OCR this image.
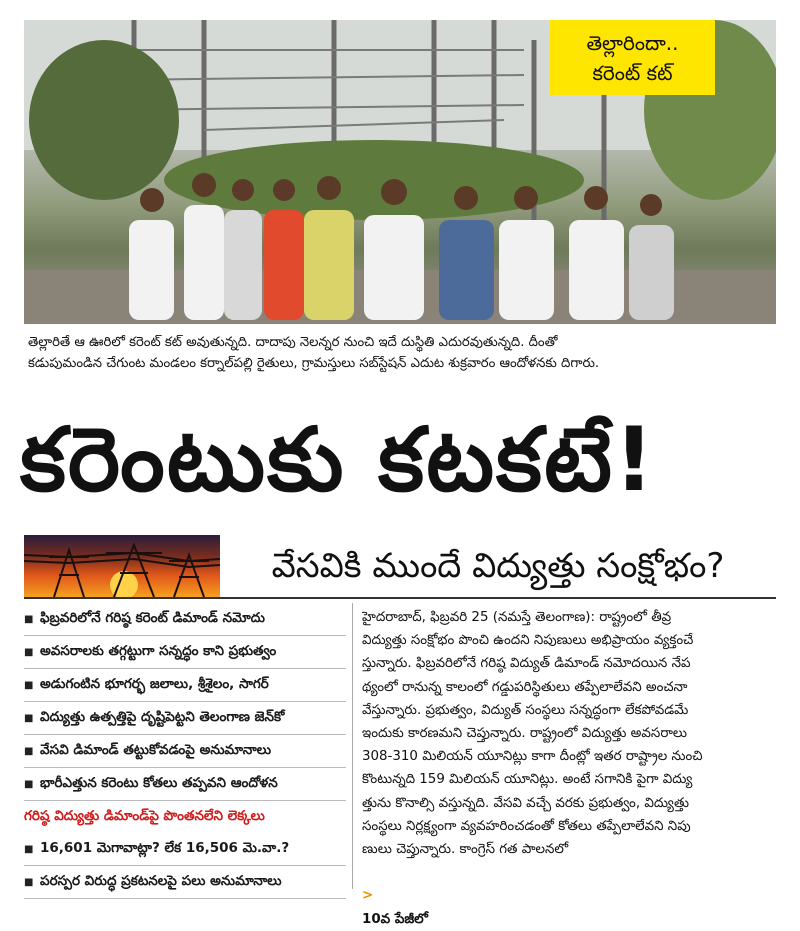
తెల్లారిందా..
కరెంట్ కట్
తెల్లారితే ఆ ఊరిలో కరెంట్ కట్ అవుతున్నది. దాదాపు నెలన్నర నుంచి ఇదే దుస్థితి ఎదురవుతున్నది. దీంతో
కడుపుమండిన చేగుంట మండలం కర్నాల్‌పల్లి రైతులు, గ్రామస్తులు సబ్‌స్టేషన్ ఎదుట శుక్రవారం ఆందోళనకు దిగారు.
కరెంటుకు కటకటే!
వేసవికి ముందే విద్యుత్తు సంక్షోభం?
■ ఫిబ్రవరిలోనే గరిష్ఠ కరెంట్ డిమాండ్ నమోదు
■ అవసరాలకు తగ్గట్టుగా సన్నద్ధం కాని ప్రభుత్వం
■ అడుగంటిన భూగర్భ జలాలు, శ్రీశైలం, సాగర్
■ విద్యుత్తు ఉత్పత్తిపై దృష్టిపెట్టని తెలంగాణ జెన్‌కో
■ వేసవి డిమాండ్ తట్టుకోవడంపై అనుమానాలు
■ భారీఎత్తున కరెంటు కోతలు తప్పవని ఆందోళన
గరిష్ఠ విద్యుత్తు డిమాండ్‌పై పొంతనలేని లెక్కలు
■ 16,601 మెగావాట్లా? లేక 16,506 మె.వా.?
■ పరస్పర విరుద్ధ ప్రకటనలపై పలు అనుమానాలు
హైదరాబాద్, ఫిబ్రవరి 25 (నమస్తే తెలంగాణ): రాష్ట్రంలో తీవ్ర
విద్యుత్తు సంక్షోభం పొంచి ఉందని నిపుణులు అభిప్రాయం వ్యక్తంచే
స్తున్నారు. ఫిబ్రవరిలోనే గరిష్ఠ విద్యుత్ డిమాండ్ నమోదయిన నేప
థ్యంలో రానున్న కాలంలో గడ్డుపరిస్థితులు తప్పేలాలేవని అంచనా
వేస్తున్నారు. ప్రభుత్వం, విద్యుత్ సంస్థలు సన్నద్ధంగా లేకపోవడమే
ఇందుకు కారణమని చెప్తున్నారు. రాష్ట్రంలో విద్యుత్తు అవసరాలు
308-310 మిలియన్ యూనిట్లు కాగా దీంట్లో ఇతర రాష్ట్రాల నుంచి
కొంటున్నది 159 మిలియన్ యూనిట్లు. అంటే సగానికి పైగా విద్యు
త్తును కొనాల్సి వస్తున్నది. వేసవి వచ్చే వరకు ప్రభుత్వం, విద్యుత్తు
సంస్థలు నిర్లక్ష్యంగా వ్యవహరించడంతో కోతలు తప్పేలాలేవని నిపు
ణులు చెప్తున్నారు. కాంగ్రెస్ గత పాలనలో

>
10వ పేజీలో
